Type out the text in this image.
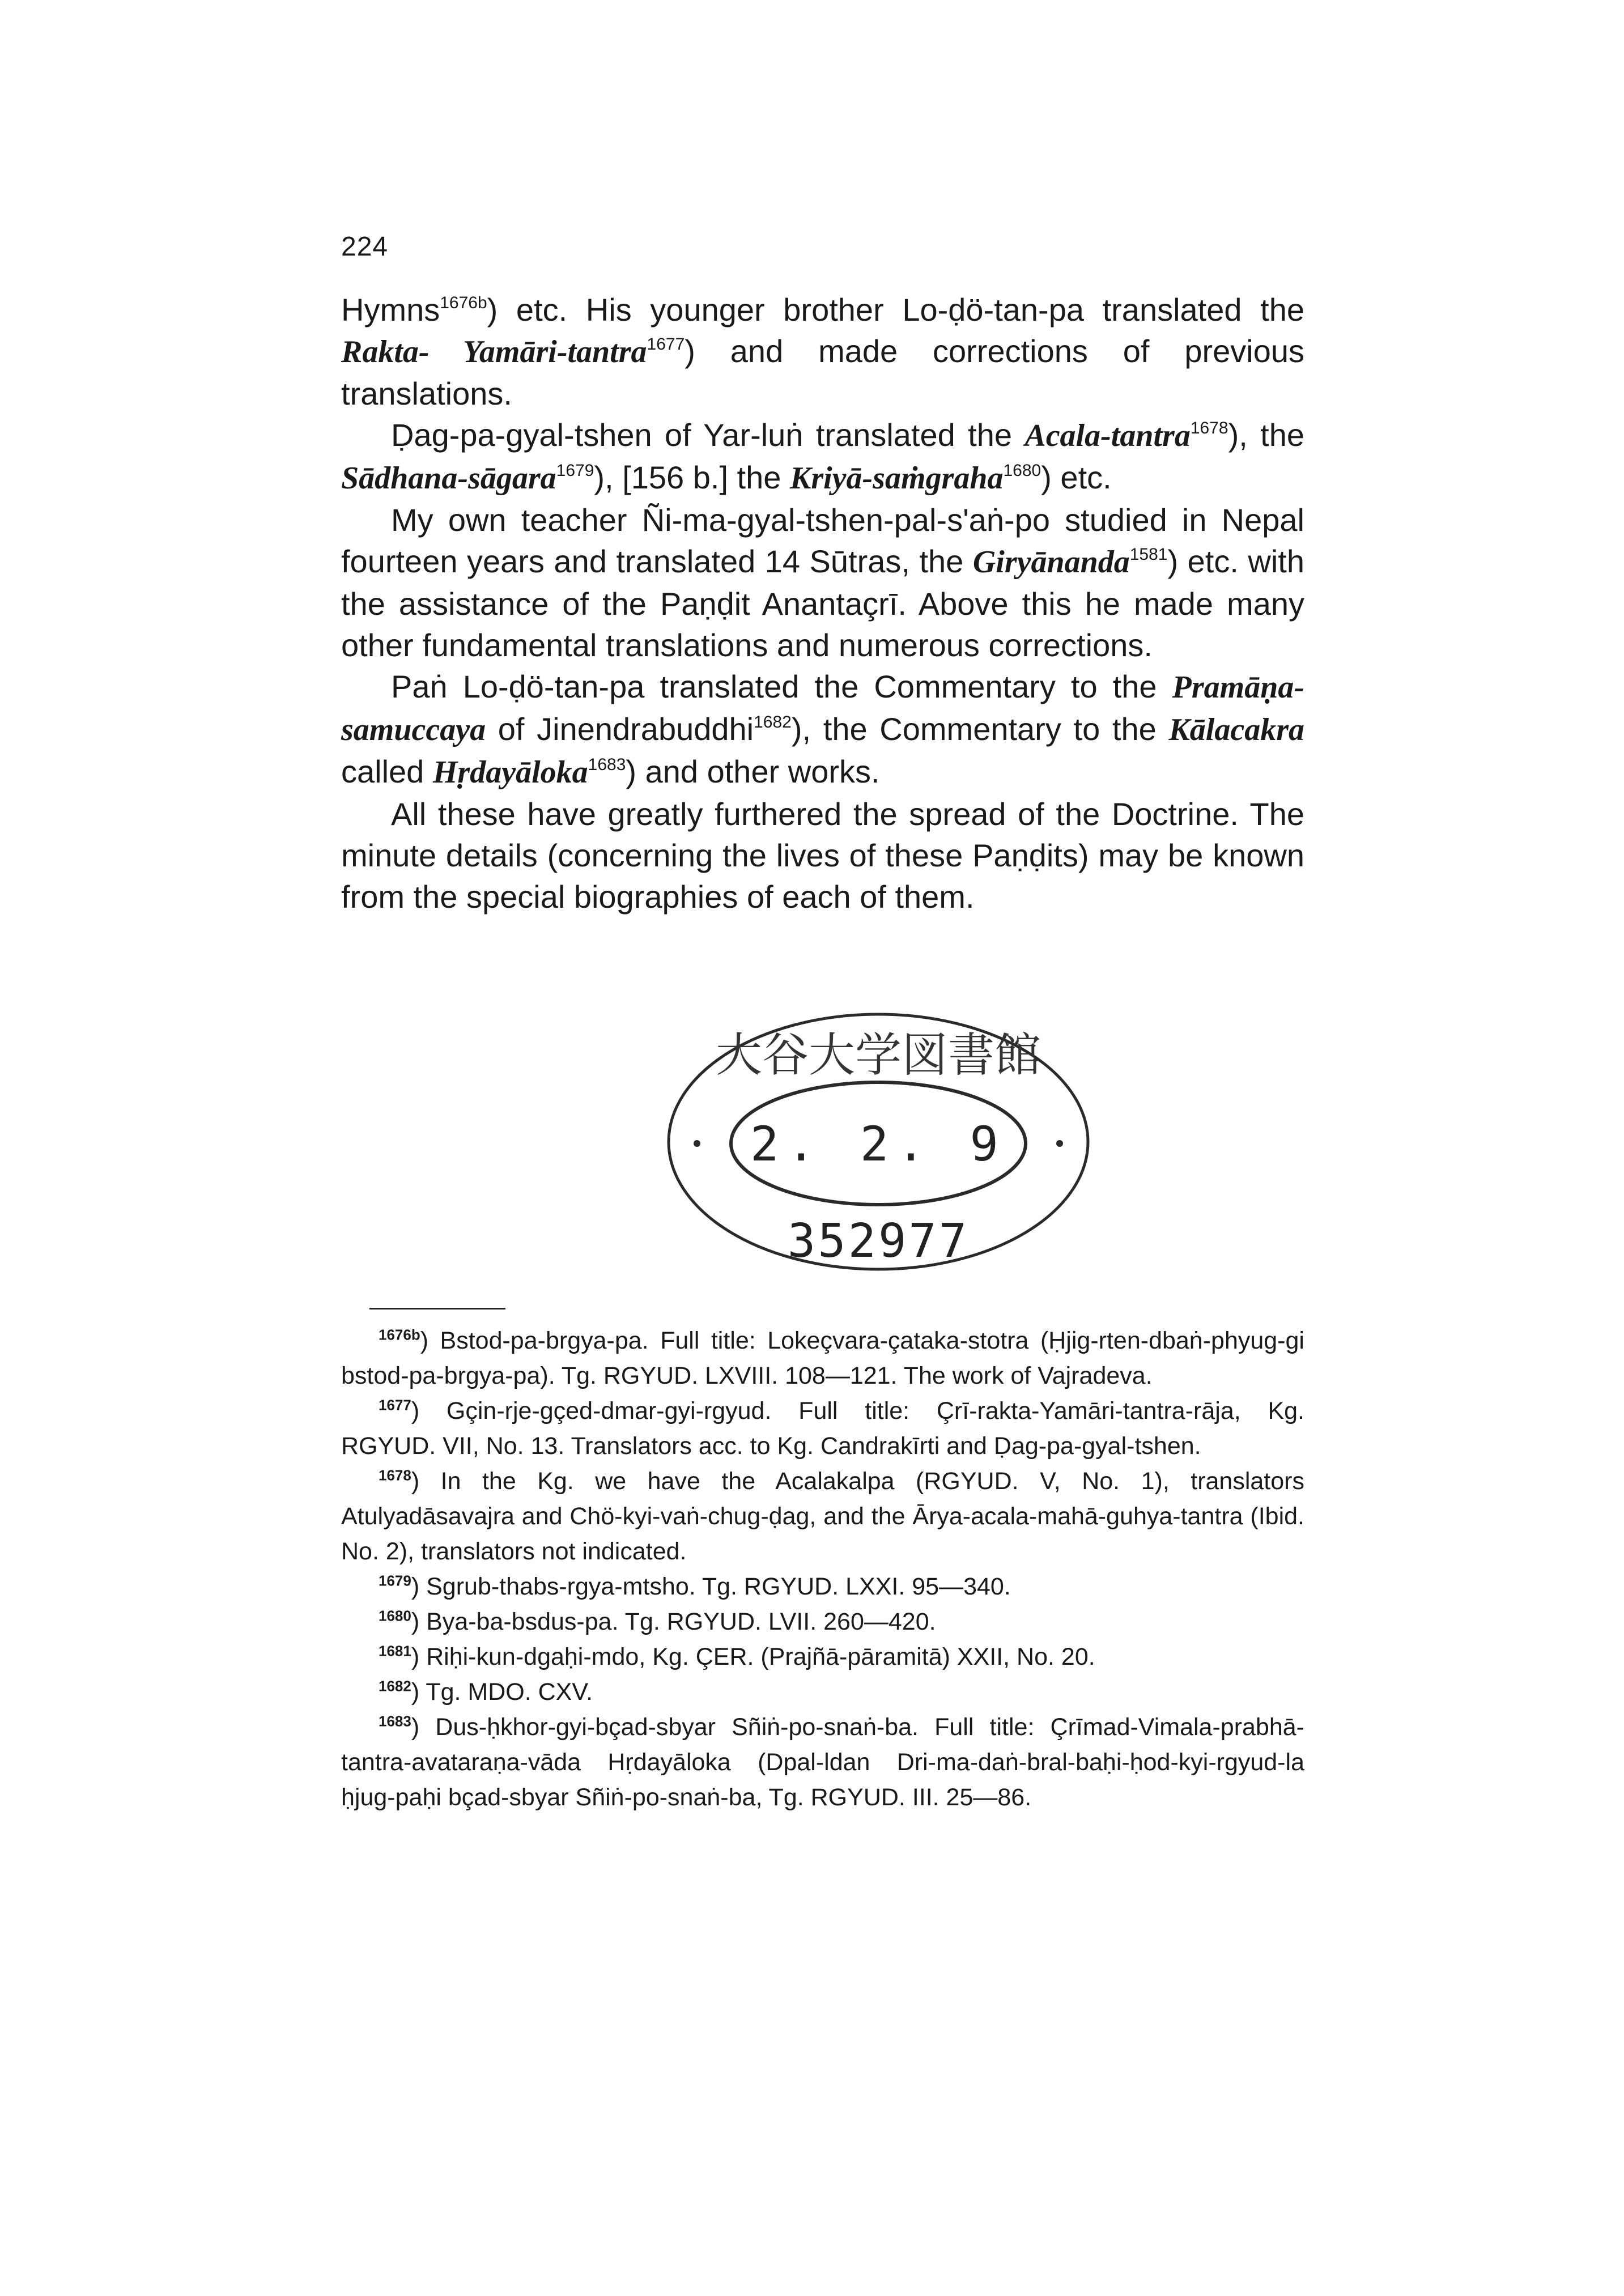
224

Hymns$^{1676b}$) etc. His younger brother Lo-ḍö-tan-pa translated the Rakta- Yamāri-tantra$^{1677}$) and made corrections of previous translations.

Ḍag-pa-gyal-tshen of Yar-luṅ translated the Acala-tantra$^{1678}$), the Sādhana-sāgara$^{1679}$), [156 b.] the Kriyā-saṁgraha$^{1680}$) etc.

My own teacher Ñi-ma-gyal-tshen-pal-s'aṅ-po studied in Nepal fourteen years and translated 14 Sūtras, the Giryānanda$^{1581}$) etc. with the assistance of the Paṇḍit Anantaçrī. Above this he made many other fundamental translations and numerous corrections.

Paṅ Lo-ḍö-tan-pa translated the Commentary to the Pramāṇa-samuccaya of Jinendrabuddhi$^{1682}$), the Commentary to the Kālacakra called Hṛdayāloka$^{1683}$) and other works.

All these have greatly furthered the spread of the Doctrine. The minute details (concerning the lives of these Paṇḍits) may be known from the special biographies of each of them.

大谷大学図書館
2. 2. 9
352977

$^{1676b}$) Bstod-pa-brgya-pa. Full title: Lokeçvara-çataka-stotra (Ḥjig-rten-dbaṅ-phyug-gi bstod-pa-brgya-pa). Tg. RGYUD. LXVIII. 108—121. The work of Vajradeva.

$^{1677}$) Gçin-rje-gçed-dmar-gyi-rgyud. Full title: Çrī-rakta-Yamāri-tantra-rāja, Kg. RGYUD. VII, No. 13. Translators acc. to Kg. Candrakīrti and Ḍag-pa-gyal-tshen.

$^{1678}$) In the Kg. we have the Acalakalpa (RGYUD. V, No. 1), translators Atulyadāsavajra and Chö-kyi-vaṅ-chug-ḍag, and the Ārya-acala-mahā-guhya-tantra (Ibid. No. 2), translators not indicated.

$^{1679}$) Sgrub-thabs-rgya-mtsho. Tg. RGYUD. LXXI. 95—340.

$^{1680}$) Bya-ba-bsdus-pa. Tg. RGYUD. LVII. 260—420.

$^{1681}$) Riḥi-kun-dgaḥi-mdo, Kg. ÇER. (Prajñā-pāramitā) XXII, No. 20.

$^{1682}$) Tg. MDO. CXV.

$^{1683}$) Dus-ḥkhor-gyi-bçad-sbyar Sñiṅ-po-snaṅ-ba. Full title: Çrīmad-Vimala-prabhā-tantra-avataraṇa-vāda Hṛdayāloka (Dpal-ldan Dri-ma-daṅ-bral-baḥi-ḥod-kyi-rgyud-la ḥjug-paḥi bçad-sbyar Sñiṅ-po-snaṅ-ba, Tg. RGYUD. III. 25—86.
